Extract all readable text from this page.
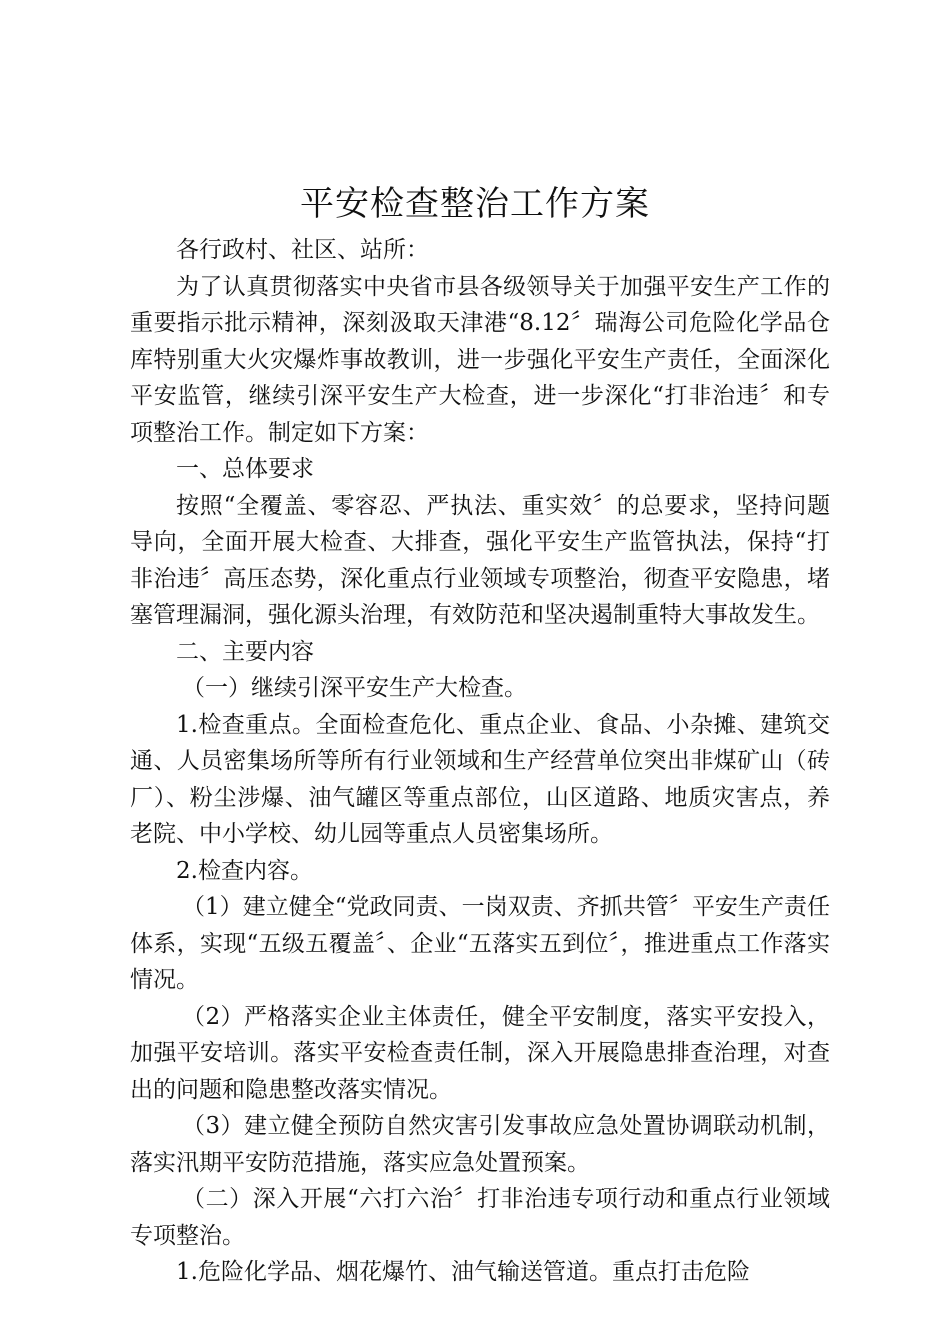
平安检查整治工作方案

各行政村、社区、站所：

为了认真贯彻落实中央省市县各级领导关于加强平安生产工作的重要指示批示精神，深刻汲取天津港“8.12〞瑞海公司危险化学品仓库特别重大火灾爆炸事故教训，进一步强化平安生产责任，全面深化平安监管，继续引深平安生产大检查，进一步深化“打非治违〞和专项整治工作。制定如下方案：

一、总体要求

按照“全覆盖、零容忍、严执法、重实效〞的总要求，坚持问题导向，全面开展大检查、大排查，强化平安生产监管执法，保持“打非治违〞高压态势，深化重点行业领域专项整治，彻查平安隐患，堵塞管理漏洞，强化源头治理，有效防范和坚决遏制重特大事故发生。

二、主要内容

（一）继续引深平安生产大检查。

1.检查重点。全面检查危化、重点企业、食品、小杂摊、建筑交通、人员密集场所等所有行业领域和生产经营单位突出非煤矿山（砖厂）、粉尘涉爆、油气罐区等重点部位，山区道路、地质灾害点，养老院、中小学校、幼儿园等重点人员密集场所。

2.检查内容。

（1）建立健全“党政同责、一岗双责、齐抓共管〞平安生产责任体系，实现“五级五覆盖〞、企业“五落实五到位〞，推进重点工作落实情况。

（2）严格落实企业主体责任，健全平安制度，落实平安投入，加强平安培训。落实平安检查责任制，深入开展隐患排查治理，对查出的问题和隐患整改落实情况。

（3）建立健全预防自然灾害引发事故应急处置协调联动机制，落实汛期平安防范措施，落实应急处置预案。

（二）深入开展“六打六治〞打非治违专项行动和重点行业领域专项整治。

1.危险化学品、烟花爆竹、油气输送管道。重点打击危险
